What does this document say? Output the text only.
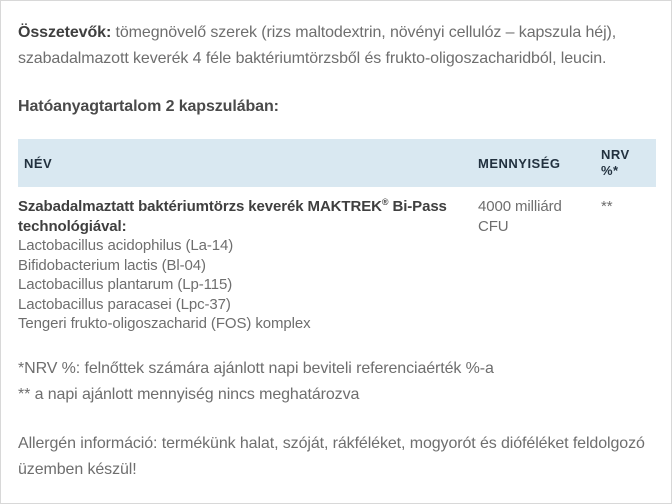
Összetevők: tömegnövelő szerek (rizs maltodextrin, növényi cellulóz – kapszula héj), szabadalmazott keverék 4 féle baktériumtörzsből és frukto-oligoszacharidból, leucin.

Hatóanyagtartalom 2 kapszulában:
NÉV	MENNYISÉG
NRV
%*
Szabadalmaztatt baktériumtörzs keverék MAKTREK® Bi-Pass technológiával:
Lactobacillus acidophilus (La-14)
Bifidobacterium lactis (Bl-04)
Lactobacillus plantarum (Lp-115)
Lactobacillus paracasei (Lpc-37)
Tengeri frukto-oligoszacharid (FOS) komplex
4000 milliárd CFU
**
*NRV %: felnőttek számára ajánlott napi beviteli referenciaérték %-a
** a napi ajánlott mennyiség nincs meghatározva

Allergén információ: termékünk halat, szóját, rákféléket, mogyorót és dióféléket feldolgozó üzemben készül!
